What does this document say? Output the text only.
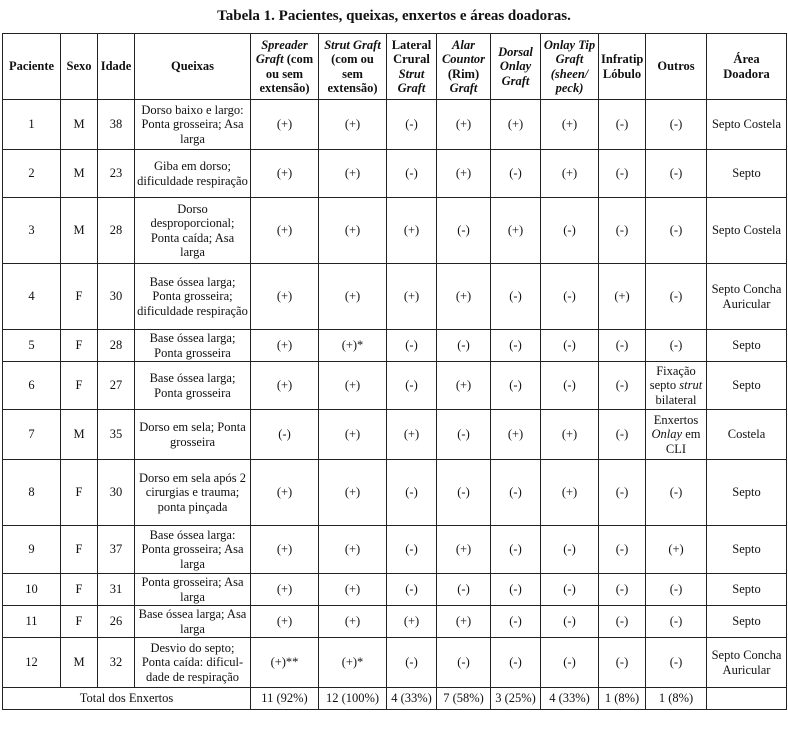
Tabela 1. Pacientes, queixas, enxertos e áreas doadoras.
Paciente	Sexo	Idade	Queixas	Spreader Graft (com ou sem extensão)	Strut Graft (com ou sem extensão)	Lateral Crural Strut Graft	Alar Countor (Rim) Graft	Dorsal Onlay Graft	Onlay Tip Graft (sheen/ peck)	Infratip Lóbulo	Outros	Área Doadora
1	M	38	Dorso baixo e largo: Ponta grosseira; Asa larga	(+)	(+)	(-)	(+)	(+)	(+)	(-)	(-)	Septo Costela
2	M	23	Giba em dorso; dificuldade respiração	(+)	(+)	(-)	(+)	(-)	(+)	(-)	(-)	Septo
3	M	28	Dorso desproporcional; Ponta caída; Asa larga	(+)	(+)	(+)	(-)	(+)	(-)	(-)	(-)	Septo Costela
4	F	30	Base óssea larga; Ponta grosseira; dificuldade respiração	(+)	(+)	(+)	(+)	(-)	(-)	(+)	(-)	Septo Concha Auricular
5	F	28	Base óssea larga; Ponta grosseira	(+)	(+)*	(-)	(-)	(-)	(-)	(-)	(-)	Septo
6	F	27	Base óssea larga; Ponta grosseira	(+)	(+)	(-)	(+)	(-)	(-)	(-)	Fixação septo strut bilateral	Septo
7	M	35	Dorso em sela; Ponta grosseira	(-)	(+)	(+)	(-)	(+)	(+)	(-)	Enxertos Onlay em CLI	Costela
8	F	30	Dorso em sela após 2 cirurgias e trauma; ponta pinçada	(+)	(+)	(-)	(-)	(-)	(+)	(-)	(-)	Septo
9	F	37	Base óssea larga: Ponta grosseira; Asa larga	(+)	(+)	(-)	(+)	(-)	(-)	(-)	(+)	Septo
10	F	31	Ponta grosseira; Asa larga	(+)	(+)	(-)	(-)	(-)	(-)	(-)	(-)	Septo
11	F	26	Base óssea larga; Asa larga	(+)	(+)	(+)	(+)	(-)	(-)	(-)	(-)	Septo
12	M	32	Desvio do septo; Ponta caída: dificul- dade de respiração	(+)**	(+)*	(-)	(-)	(-)	(-)	(-)	(-)	Septo Concha Auricular
Total dos Enxertos				11 (92%)	12 (100%)	4 (33%)	7 (58%)	3 (25%)	4 (33%)	1 (8%)	1 (8%)	
